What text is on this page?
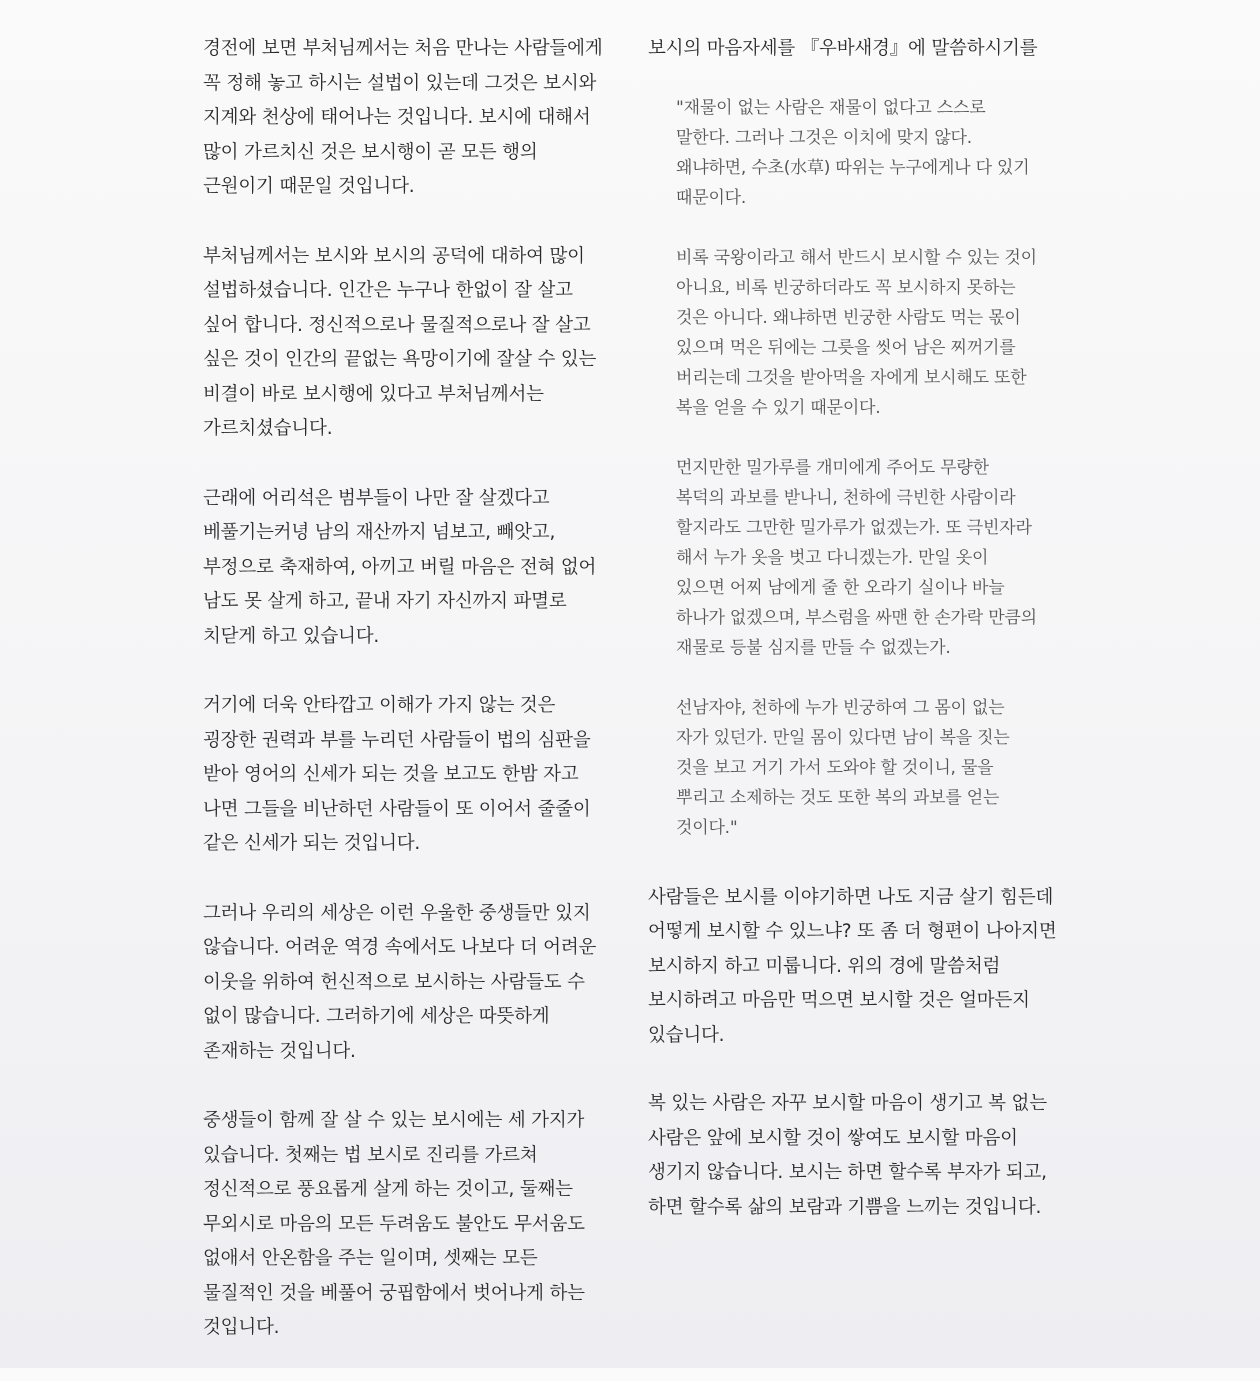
경전에 보면 부처님께서는 처음 만나는 사람들에게 꼭 정해 놓고 하시는 설법이 있는데 그것은 보시와 지계와 천상에 태어나는 것입니다. 보시에 대해서 많이 가르치신 것은 보시행이 곧 모든 행의 근원이기 때문일 것입니다.

부처님께서는 보시와 보시의 공덕에 대하여 많이 설법하셨습니다. 인간은 누구나 한없이 잘 살고 싶어 합니다. 정신적으로나 물질적으로나 잘 살고 싶은 것이 인간의 끝없는 욕망이기에 잘살 수 있는 비결이 바로 보시행에 있다고 부처님께서는 가르치셨습니다.

근래에 어리석은 범부들이 나만 잘 살겠다고 베풀기는커녕 남의 재산까지 넘보고, 빼앗고, 부정으로 축재하여, 아끼고 버릴 마음은 전혀 없어 남도 못 살게 하고, 끝내 자기 자신까지 파멸로 치닫게 하고 있습니다.

거기에 더욱 안타깝고 이해가 가지 않는 것은 굉장한 권력과 부를 누리던 사람들이 법의 심판을 받아 영어의 신세가 되는 것을 보고도 한밤 자고 나면 그들을 비난하던 사람들이 또 이어서 줄줄이 같은 신세가 되는 것입니다.

그러나 우리의 세상은 이런 우울한 중생들만 있지 않습니다. 어려운 역경 속에서도 나보다 더 어려운 이웃을 위하여 헌신적으로 보시하는 사람들도 수 없이 많습니다. 그러하기에 세상은 따뜻하게 존재하는 것입니다.

중생들이 함께 잘 살 수 있는 보시에는 세 가지가 있습니다. 첫째는 법 보시로 진리를 가르쳐 정신적으로 풍요롭게 살게 하는 것이고, 둘째는 무외시로 마음의 모든 두려움도 불안도 무서움도 없애서 안온함을 주는 일이며, 셋째는 모든 물질적인 것을 베풀어 궁핍함에서 벗어나게 하는 것입니다.

보시의 마음자세를 『우바새경』에 말씀하시기를

"재물이 없는 사람은 재물이 없다고 스스로 말한다. 그러나 그것은 이치에 맞지 않다. 왜냐하면, 수초(水草) 따위는 누구에게나 다 있기 때문이다.

비록 국왕이라고 해서 반드시 보시할 수 있는 것이 아니요, 비록 빈궁하더라도 꼭 보시하지 못하는 것은 아니다. 왜냐하면 빈궁한 사람도 먹는 몫이 있으며 먹은 뒤에는 그릇을 씻어 남은 찌꺼기를 버리는데 그것을 받아먹을 자에게 보시해도 또한 복을 얻을 수 있기 때문이다.

먼지만한 밀가루를 개미에게 주어도 무량한 복덕의 과보를 받나니, 천하에 극빈한 사람이라 할지라도 그만한 밀가루가 없겠는가. 또 극빈자라 해서 누가 옷을 벗고 다니겠는가. 만일 옷이 있으면 어찌 남에게 줄 한 오라기 실이나 바늘 하나가 없겠으며, 부스럼을 싸맨 한 손가락 만큼의 재물로 등불 심지를 만들 수 없겠는가.

선남자야, 천하에 누가 빈궁하여 그 몸이 없는 자가 있던가. 만일 몸이 있다면 남이 복을 짓는 것을 보고 거기 가서 도와야 할 것이니, 물을 뿌리고 소제하는 것도 또한 복의 과보를 얻는 것이다."

사람들은 보시를 이야기하면 나도 지금 살기 힘든데 어떻게 보시할 수 있느냐? 또 좀 더 형편이 나아지면 보시하지 하고 미룹니다. 위의 경에 말씀처럼 보시하려고 마음만 먹으면 보시할 것은 얼마든지 있습니다.

복 있는 사람은 자꾸 보시할 마음이 생기고 복 없는 사람은 앞에 보시할 것이 쌓여도 보시할 마음이 생기지 않습니다. 보시는 하면 할수록 부자가 되고, 하면 할수록 삶의 보람과 기쁨을 느끼는 것입니다.
